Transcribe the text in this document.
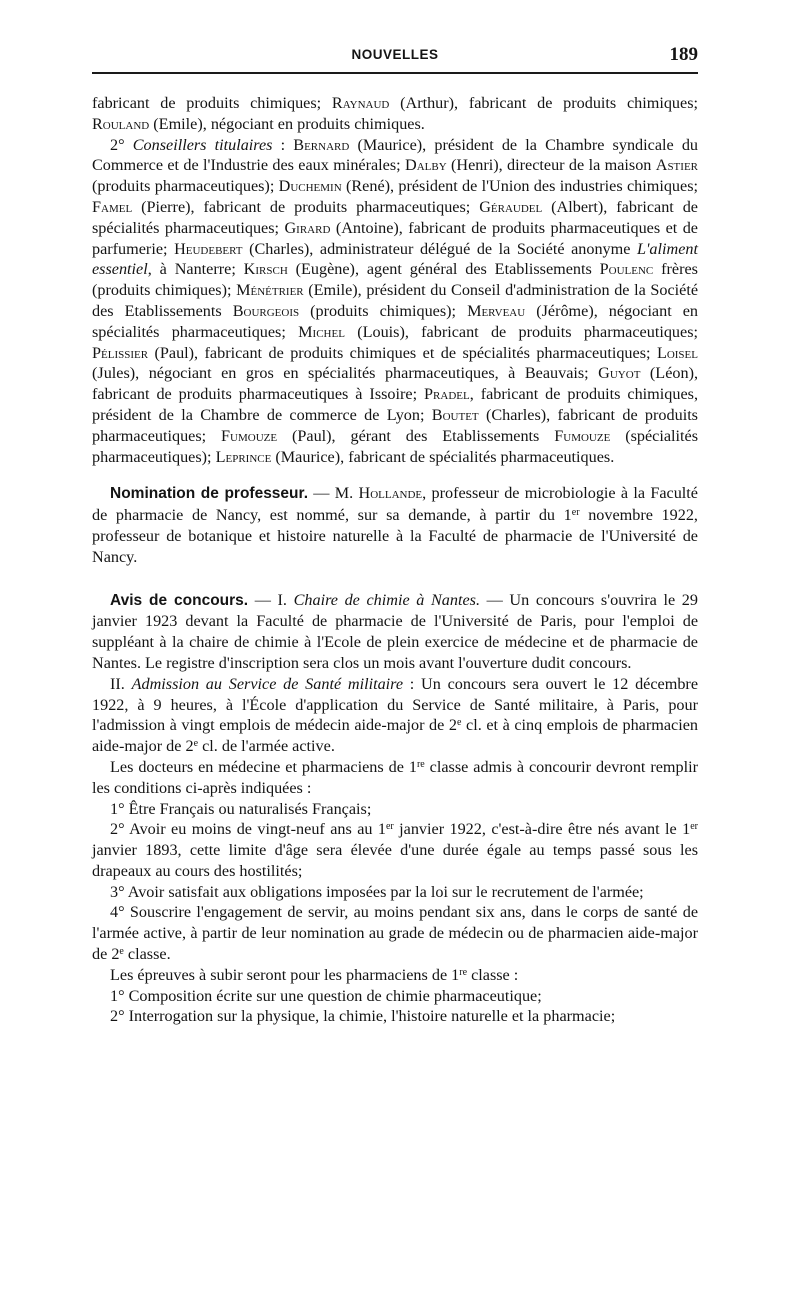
NOUVELLES	189

fabricant de produits chimiques; Raynaud (Arthur), fabricant de produits chimiques; Rouland (Emile), négociant en produits chimiques.

2° Conseillers titulaires : Bernard (Maurice), président de la Chambre syndicale du Commerce et de l'Industrie des eaux minérales; Dalby (Henri), directeur de la maison Astier (produits pharmaceutiques); Duchemin (René), président de l'Union des industries chimiques; Famel (Pierre), fabricant de produits pharmaceutiques; Géraudel (Albert), fabricant de spécialités pharmaceutiques; Girard (Antoine), fabricant de produits pharmaceutiques et de parfumerie; Heudebert (Charles), administrateur délégué de la Société anonyme L'aliment essentiel, à Nanterre; Kirsch (Eugène), agent général des Etablissements Poulenc frères (produits chimiques); Ménétrier (Emile), président du Conseil d'administration de la Société des Etablissements Bourgeois (produits chimiques); Merveau (Jérôme), négociant en spécialités pharmaceutiques; Michel (Louis), fabricant de produits pharmaceutiques; Pélissier (Paul), fabricant de produits chimiques et de spécialités pharmaceutiques; Loisel (Jules), négociant en gros en spécialités pharmaceutiques, à Beauvais; Guyot (Léon), fabricant de produits pharmaceutiques à Issoire; Pradel, fabricant de produits chimiques, président de la Chambre de commerce de Lyon; Boutet (Charles), fabricant de produits pharmaceutiques; Fumouze (Paul), gérant des Etablissements Fumouze (spécialités pharmaceutiques); Leprince (Maurice), fabricant de spécialités pharmaceutiques.

Nomination de professeur. — M. Hollande, professeur de microbiologie à la Faculté de pharmacie de Nancy, est nommé, sur sa demande, à partir du 1er novembre 1922, professeur de botanique et histoire naturelle à la Faculté de pharmacie de l'Université de Nancy.

Avis de concours. — I. Chaire de chimie à Nantes. — Un concours s'ouvrira le 29 janvier 1923 devant la Faculté de pharmacie de l'Université de Paris, pour l'emploi de suppléant à la chaire de chimie à l'Ecole de plein exercice de médecine et de pharmacie de Nantes. Le registre d'inscription sera clos un mois avant l'ouverture dudit concours.

II. Admission au Service de Santé militaire : Un concours sera ouvert le 12 décembre 1922, à 9 heures, à l'École d'application du Service de Santé militaire, à Paris, pour l'admission à vingt emplois de médecin aide-major de 2e cl. et à cinq emplois de pharmacien aide-major de 2e cl. de l'armée active.

Les docteurs en médecine et pharmaciens de 1re classe admis à concourir devront remplir les conditions ci-après indiquées :

1° Être Français ou naturalisés Français;

2° Avoir eu moins de vingt-neuf ans au 1er janvier 1922, c'est-à-dire être nés avant le 1er janvier 1893, cette limite d'âge sera élevée d'une durée égale au temps passé sous les drapeaux au cours des hostilités;

3° Avoir satisfait aux obligations imposées par la loi sur le recrutement de l'armée;

4° Souscrire l'engagement de servir, au moins pendant six ans, dans le corps de santé de l'armée active, à partir de leur nomination au grade de médecin ou de pharmacien aide-major de 2e classe.

Les épreuves à subir seront pour les pharmaciens de 1re classe :

1° Composition écrite sur une question de chimie pharmaceutique;

2° Interrogation sur la physique, la chimie, l'histoire naturelle et la pharmacie;
